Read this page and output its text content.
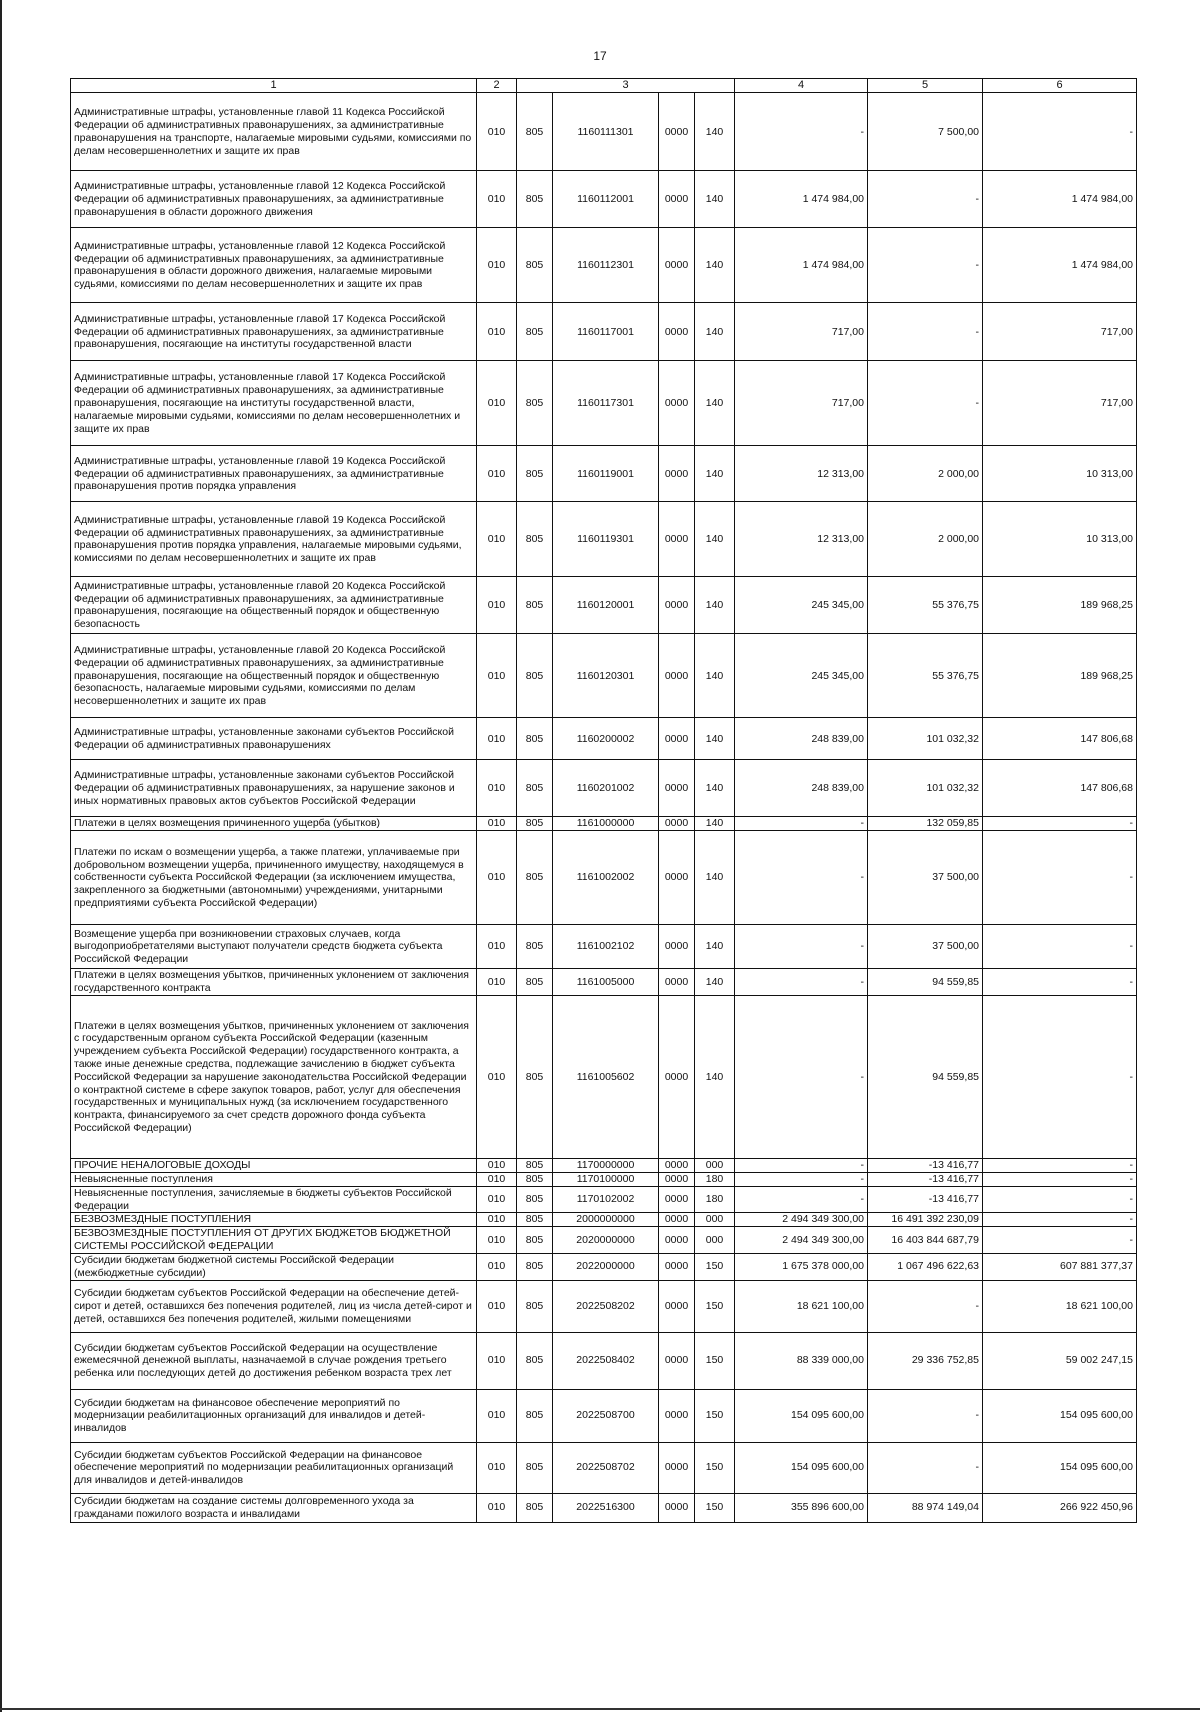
17
1	2	3				4	5	6
Административные штрафы, установленные главой 11 Кодекса Российской Федерации об административных правонарушениях, за административные правонарушения на транспорте, налагаемые мировыми судьями, комиссиями по делам несовершеннолетних и защите их прав	010	805	1160111301	0000	140	-	7 500,00	-
Административные штрафы, установленные главой 12 Кодекса Российской Федерации об административных правонарушениях, за административные правонарушения в области дорожного движения	010	805	1160112001	0000	140	1 474 984,00	-	1 474 984,00
Административные штрафы, установленные главой 12 Кодекса Российской Федерации об административных правонарушениях, за административные правонарушения в области дорожного движения, налагаемые мировыми судьями, комиссиями по делам несовершеннолетних и защите их прав	010	805	1160112301	0000	140	1 474 984,00	-	1 474 984,00
Административные штрафы, установленные главой 17 Кодекса Российской Федерации об административных правонарушениях, за административные правонарушения, посягающие на институты государственной власти	010	805	1160117001	0000	140	717,00	-	717,00
Административные штрафы, установленные главой 17 Кодекса Российской Федерации об административных правонарушениях, за административные правонарушения, посягающие на институты государственной власти, налагаемые мировыми судьями, комиссиями по делам несовершеннолетних и защите их прав	010	805	1160117301	0000	140	717,00	-	717,00
Административные штрафы, установленные главой 19 Кодекса Российской Федерации об административных правонарушениях, за административные правонарушения против порядка управления	010	805	1160119001	0000	140	12 313,00	2 000,00	10 313,00
Административные штрафы, установленные главой 19 Кодекса Российской Федерации об административных правонарушениях, за административные правонарушения против порядка управления, налагаемые мировыми судьями, комиссиями по делам несовершеннолетних и защите их прав	010	805	1160119301	0000	140	12 313,00	2 000,00	10 313,00
Административные штрафы, установленные главой 20 Кодекса Российской Федерации об административных правонарушениях, за административные правонарушения, посягающие на общественный порядок и общественную безопасность	010	805	1160120001	0000	140	245 345,00	55 376,75	189 968,25
Административные штрафы, установленные главой 20 Кодекса Российской Федерации об административных правонарушениях, за административные правонарушения, посягающие на общественный порядок и общественную безопасность, налагаемые мировыми судьями, комиссиями по делам несовершеннолетних и защите их прав	010	805	1160120301	0000	140	245 345,00	55 376,75	189 968,25
Административные штрафы, установленные законами субъектов Российской Федерации об административных правонарушениях	010	805	1160200002	0000	140	248 839,00	101 032,32	147 806,68
Административные штрафы, установленные законами субъектов Российской Федерации об административных правонарушениях, за нарушение законов и иных нормативных правовых актов субъектов Российской Федерации	010	805	1160201002	0000	140	248 839,00	101 032,32	147 806,68
Платежи в целях возмещения причиненного ущерба (убытков)	010	805	1161000000	0000	140	-	132 059,85	-
Платежи по искам о возмещении ущерба, а также платежи, уплачиваемые при добровольном возмещении ущерба, причиненного имуществу, находящемуся в собственности субъекта Российской Федерации (за исключением имущества, закрепленного за бюджетными (автономными) учреждениями, унитарными предприятиями субъекта Российской Федерации)	010	805	1161002002	0000	140	-	37 500,00	-
Возмещение ущерба при возникновении страховых случаев, когда выгодоприобретателями выступают получатели средств бюджета субъекта Российской Федерации	010	805	1161002102	0000	140	-	37 500,00	-
Платежи в целях возмещения убытков, причиненных уклонением от заключения государственного контракта	010	805	1161005000	0000	140	-	94 559,85	-
Платежи в целях возмещения убытков, причиненных уклонением от заключения с государственным органом субъекта Российской Федерации (казенным учреждением субъекта Российской Федерации) государственного контракта, а также иные денежные средства, подлежащие зачислению в бюджет субъекта Российской Федерации за нарушение законодательства Российской Федерации о контрактной системе в сфере закупок товаров, работ, услуг для обеспечения государственных и муниципальных нужд (за исключением государственного контракта, финансируемого за счет средств дорожного фонда субъекта Российской Федерации)	010	805	1161005602	0000	140	-	94 559,85	-
ПРОЧИЕ НЕНАЛОГОВЫЕ ДОХОДЫ	010	805	1170000000	0000	000	-	-13 416,77	-
Невыясненные поступления	010	805	1170100000	0000	180	-	-13 416,77	-
Невыясненные поступления, зачисляемые в бюджеты субъектов Российской Федерации	010	805	1170102002	0000	180	-	-13 416,77	-
БЕЗВОЗМЕЗДНЫЕ ПОСТУПЛЕНИЯ	010	805	2000000000	0000	000	2 494 349 300,00	16 491 392 230,09	-
БЕЗВОЗМЕЗДНЫЕ ПОСТУПЛЕНИЯ ОТ ДРУГИХ БЮДЖЕТОВ БЮДЖЕТНОЙ СИСТЕМЫ РОССИЙСКОЙ ФЕДЕРАЦИИ	010	805	2020000000	0000	000	2 494 349 300,00	16 403 844 687,79	-
Субсидии бюджетам бюджетной системы Российской Федерации (межбюджетные субсидии)	010	805	2022000000	0000	150	1 675 378 000,00	1 067 496 622,63	607 881 377,37
Субсидии бюджетам субъектов Российской Федерации на обеспечение детей-сирот и детей, оставшихся без попечения родителей, лиц из числа детей-сирот и детей, оставшихся без попечения родителей, жилыми помещениями	010	805	2022508202	0000	150	18 621 100,00	-	18 621 100,00
Субсидии бюджетам субъектов Российской Федерации на осуществление ежемесячной денежной выплаты, назначаемой в случае рождения третьего ребенка или последующих детей до достижения ребенком возраста трех лет	010	805	2022508402	0000	150	88 339 000,00	29 336 752,85	59 002 247,15
Субсидии бюджетам на финансовое обеспечение мероприятий по модернизации реабилитационных организаций для инвалидов и детей-инвалидов	010	805	2022508700	0000	150	154 095 600,00	-	154 095 600,00
Субсидии бюджетам субъектов Российской Федерации на финансовое обеспечение мероприятий по модернизации реабилитационных организаций для инвалидов и детей-инвалидов	010	805	2022508702	0000	150	154 095 600,00	-	154 095 600,00
Субсидии бюджетам на создание системы долговременного ухода за гражданами пожилого возраста и инвалидами	010	805	2022516300	0000	150	355 896 600,00	88 974 149,04	266 922 450,96
